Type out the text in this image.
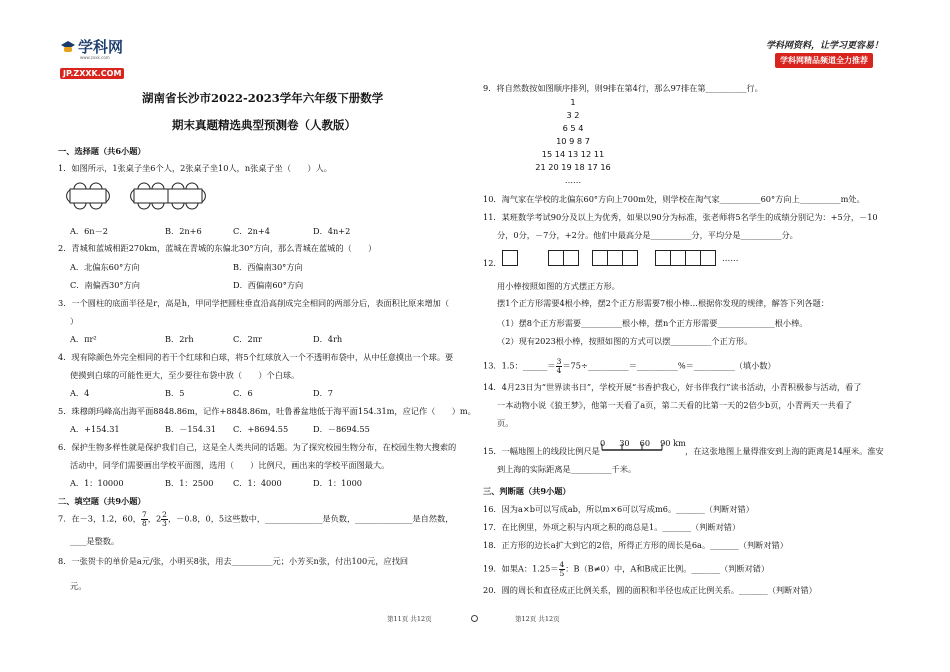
学科网
www.zxxk.com
JP.ZXXK.COM
学科网资料，让学习更容易！
学科网精品频道全力推荐
湖南省长沙市2022-2023学年六年级下册数学
期末真题精选典型预测卷（人教版）
一、选择题（共6小题）
1．如图所示，1张桌子坐6个人，2张桌子坐10人，n张桌子坐（　　）人。
A．6n－2	B．2n+6	C．2n+4	D．4n+2
2．青城和蓝城相距270km，蓝城在青城的东偏北30°方向，那么青城在蓝城的（　　）
A．北偏东60°方向	B．西偏南30°方向
C．南偏西30°方向	D．西偏南60°方向
3．一个圆柱的底面半径是r，高是h，甲同学把圆柱垂直沿高削成完全相同的两部分后，表面积比原来增加（
）
A．πr²	B．2rh	C．2πr	D．4rh
4．现有除颜色外完全相同的若干个红球和白球，将5个红球放入一个不透明布袋中，从中任意摸出一个球。要
使摸到白球的可能性更大，至少要往布袋中放（　　）个白球。
A．4	B．5	C．6	D．7
5．珠穆朗玛峰高出海平面8848.86m，记作+8848.86m，吐鲁番盆地低于海平面154.31m，应记作（　　）m。
A．+154.31	B．－154.31 C．+8694.55	D．－8694.55
6．保护生物多样性就是保护我们自己，这是全人类共同的话题。为了探究校园生物分布，在校园生物大搜索的
活动中，同学们需要画出学校平面图，选用（　　）比例尺，画出来的学校平面图最大。
A．1：10000	B．1：2500 C．1：4000	D．1：1000
二、填空题（共9小题）
7．在－3，1.2，60， $\frac{7}{8}$ ，$2 \frac{2}{3}$ ，－0.8，0，5这些数中，______________是负数，______________是自然数，
____是整数。
8．一张贺卡的单价是a元/张，小明买8张，用去__________元；小芳买n张，付出100元，应找回
元。
第11页 共12页	第12页 共12页
9．将自然数按如图顺序排列，则9排在第4行，那么97排在第__________行。
1
3 2
6 5 4
10 9 8 7
15 14 13 12 11
21 20 19 18 17 16
……
10．淘气家在学校的北偏东60°方向上700m处，则学校在淘气家__________60°方向上__________m处。
11．某班数学考试90分及以上为优秀，如果以90分为标准，张老师将5名学生的成绩分别记为：+5分，－10
分，0分，－7分，+2分。他们中最高分是__________分，平均分是__________分。
12．	……
用小棒按照如图的方式摆正方形。
摆1个正方形需要4根小棒，摆2个正方形需要7根小棒…根据你发现的规律，解答下列各题：
（1）摆8个正方形需要__________根小棒，摆n个正方形需要______________根小棒。
（2）现有2023根小棒，按照如图的方式可以摆__________个正方形。
13．1.5：______＝ $\frac{3}{4}$ ＝75÷__________＝__________%＝__________（填小数）
14．4月23日为“世界读书日”，学校开展“书香护我心，好书伴我行”读书活动，小青积极参与活动，看了
一本动物小说《狼王梦》，他第一天看了a页，第二天看的比第一天的2倍少b页，小青两天一共看了
页。
15．一幅地图上的线段比例尺是
0 30 60 90 km
，在这张地图上量得淮安到上海的距离是14厘米。淮安
到上海的实际距离是__________千米。
三、判断题（共9小题）
16．因为a×b可以写成ab，所以m×6可以写成m6。_______（判断对错）
17．在比例里，外项之积与内项之积的商总是1。_______（判断对错）
18．正方形的边长a扩大到它的2倍，所得正方形的周长是6a。_______（判断对错）
19．如果A：$1.25= \frac{4}{5}$ ：B（B≠0）中，A和B成正比例。_______（判断对错）
20．圆的周长和直径成正比例关系，圆的面积和半径也成正比例关系。_______（判断对错）
